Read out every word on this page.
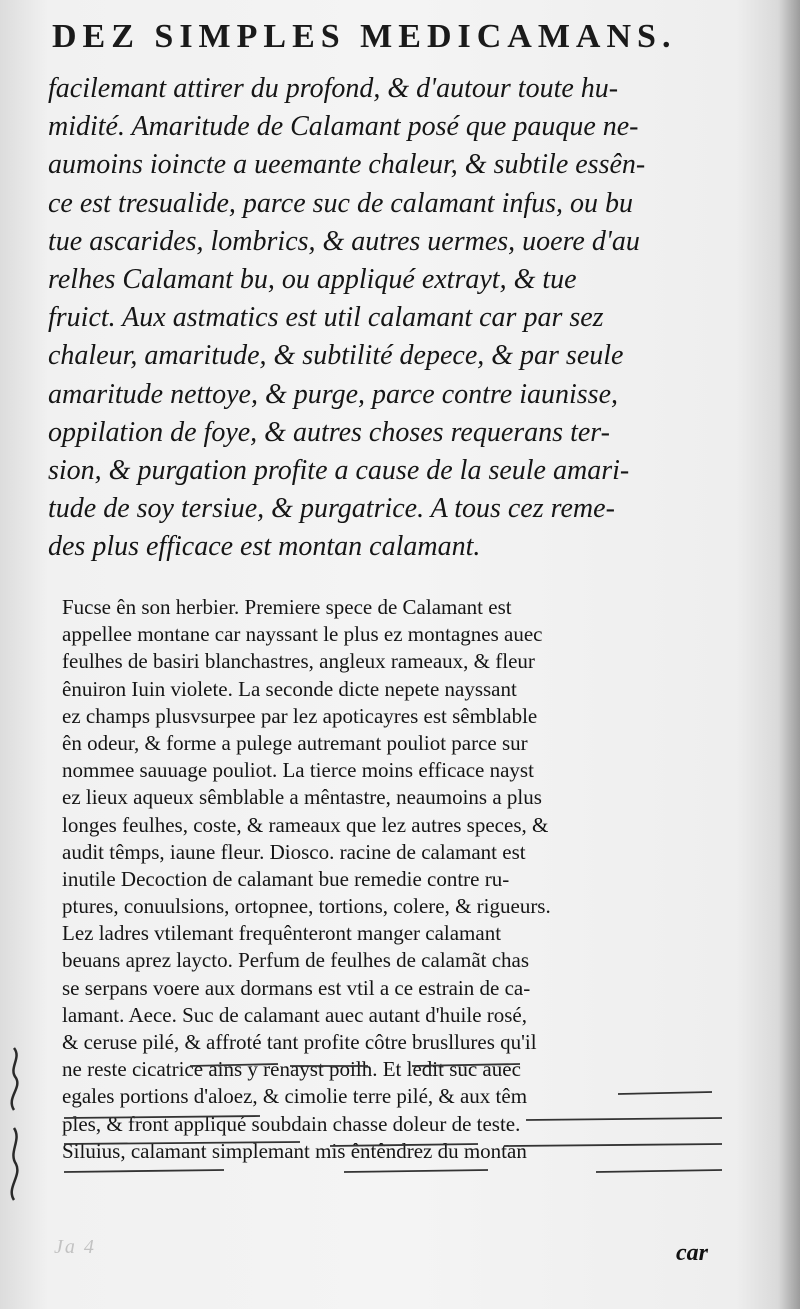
DEZ SIMPLES MEDICAMANS.
facilemant attirer du profond, & d'autour toute hu-
midité. Amaritude de Calamant posé que pauque ne-
aumoins ioincte a ueemante chaleur, & subtile essên-
ce est tresualide, parce suc de calamant infus, ou bu
tue ascarides, lombrics, & autres uermes, uoere d'au
relhes Calamant bu, ou appliqué extrayt, & tue
fruict. Aux astmatics est util calamant car par sez
chaleur, amaritude, & subtilité depece, & par seule
amaritude nettoye, & purge, parce contre iaunisse,
oppilation de foye, & autres choses requerans ter-
sion, & purgation profite a cause de la seule amari-
tude de soy tersiue, & purgatrice. A tous cez reme-
des plus efficace est montan calamant.
Fucse ên son herbier. Premiere spece de Calamant est
appellee montane car nayssant le plus ez montagnes auec
feulhes de basiri blanchastres, angleux rameaux, & fleur
ênuiron Iuin violete. La seconde dicte nepete nayssant
ez champs plusvsurpee par lez apoticayres est sêmblable
ên odeur, & forme a pulege autremant pouliot parce sur
nommee sauuage pouliot. La tierce moins efficace nayst
ez lieux aqueux sêmblable a mêntastre, neaumoins a plus
longes feulhes, coste, & rameaux que lez autres speces, &
audit têmps, iaune fleur. Diosco. racine de calamant est
inutile Decoction de calamant bue remedie contre ru-
ptures, conuulsions, ortopnee, tortions, colere, & rigueurs.
Lez ladres vtilemant frequênteront manger calamant
beuans aprez laycto. Perfum de feulhes de calamãt chas
se serpans voere aux dormans est vtil a ce estrain de ca-
lamant. Aece. Suc de calamant auec autant d'huile rosé,
& ceruse pilé, & affroté tant profite côtre brusllures qu'il
ne reste cicatrice ains y renayst poilh. Et ledit suc auec
egales portions d'aloez, & cimolie terre pilé, & aux têm
ples, & front appliqué soubdain chasse doleur de teste.
Siluius, calamant simplemant mis êntêndrez du montan
Ja 4	car
